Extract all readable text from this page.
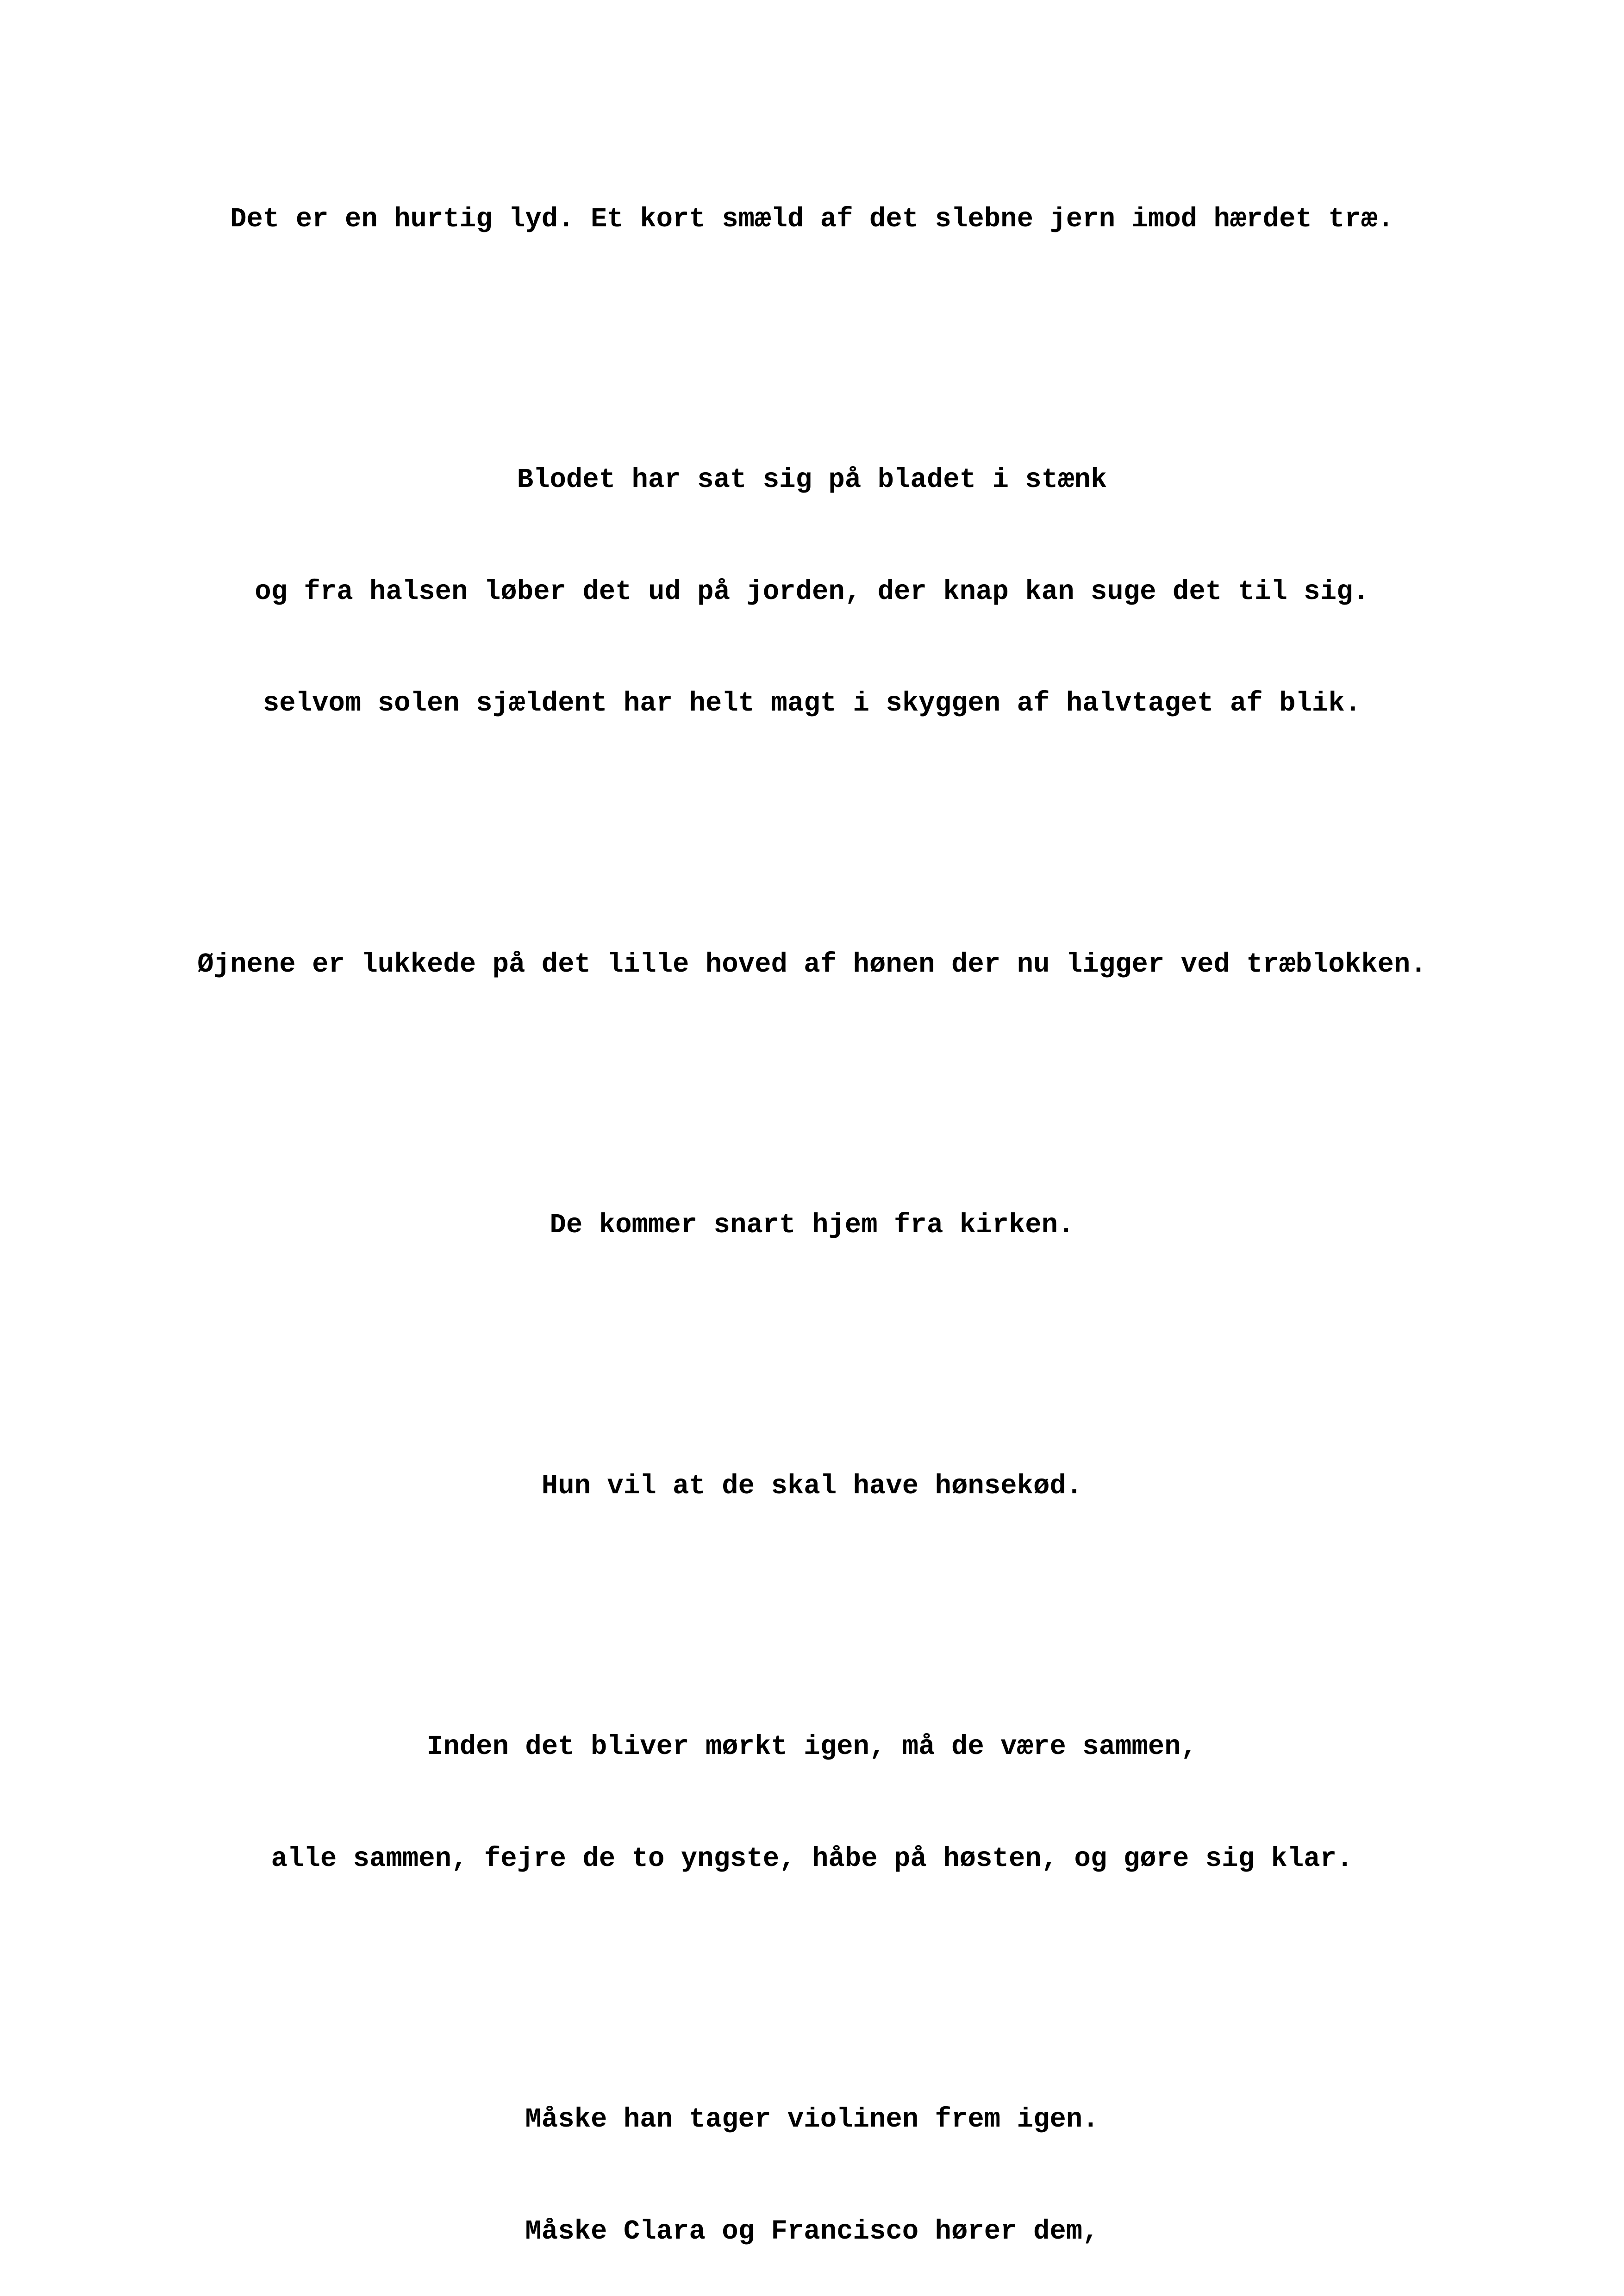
Det er en hurtig lyd. Et kort smæld af det slebne jern imod hærdet træ.

Blodet har sat sig på bladet i stænk

og fra halsen løber det ud på jorden, der knap kan suge det til sig.

selvom solen sjældent har helt magt i skyggen af halvtaget af blik.

Øjnene er lukkede på det lille hoved af hønen der nu ligger ved træblokken.

De kommer snart hjem fra kirken.

Hun vil at de skal have hønsekød.

Inden det bliver mørkt igen, må de være sammen,

alle sammen, fejre de to yngste, håbe på høsten, og gøre sig klar.

Måske han tager violinen frem igen.

Måske Clara og Francisco hører dem,
